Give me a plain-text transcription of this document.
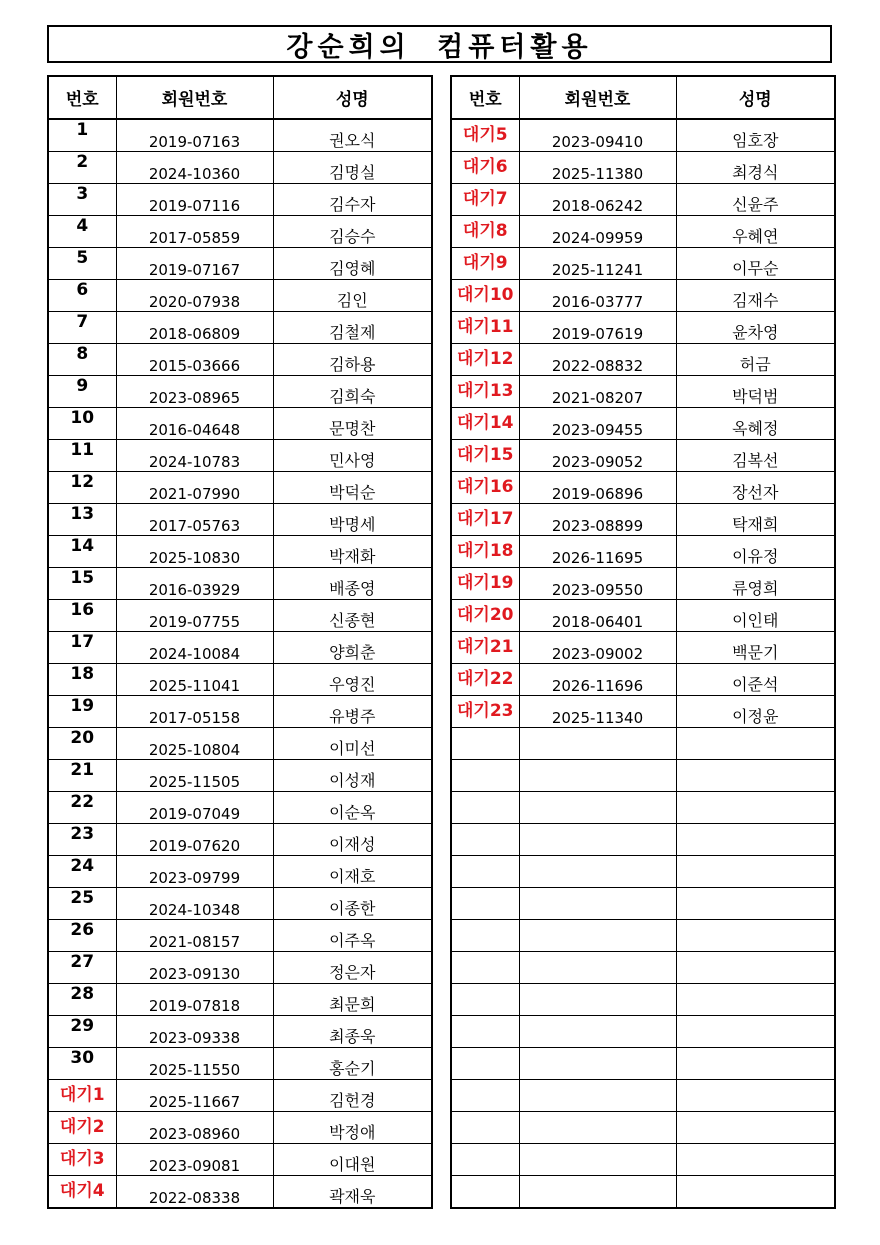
강순희의 컴퓨터활용
번호	회원번호	성명
1	2019-07163	권오식
2	2024-10360	김명실
3	2019-07116	김수자
4	2017-05859	김승수
5	2019-07167	김영혜
6	2020-07938	김인
7	2018-06809	김철제
8	2015-03666	김하용
9	2023-08965	김희숙
10	2016-04648	문명찬
11	2024-10783	민사영
12	2021-07990	박덕순
13	2017-05763	박명세
14	2025-10830	박재화
15	2016-03929	배종영
16	2019-07755	신종현
17	2024-10084	양희춘
18	2025-11041	우영진
19	2017-05158	유병주
20	2025-10804	이미선
21	2025-11505	이성재
22	2019-07049	이순옥
23	2019-07620	이재성
24	2023-09799	이재호
25	2024-10348	이종한
26	2021-08157	이주옥
27	2023-09130	정은자
28	2019-07818	최문희
29	2023-09338	최종욱
30	2025-11550	홍순기
대기1	2025-11667	김헌경
대기2	2023-08960	박정애
대기3	2023-09081	이대원
대기4	2022-08338	곽재욱
번호	회원번호	성명
대기5	2023-09410	임호장
대기6	2025-11380	최경식
대기7	2018-06242	신윤주
대기8	2024-09959	우혜연
대기9	2025-11241	이무순
대기10	2016-03777	김재수
대기11	2019-07619	윤차영
대기12	2022-08832	허금
대기13	2021-08207	박덕범
대기14	2023-09455	옥혜정
대기15	2023-09052	김복선
대기16	2019-06896	장선자
대기17	2023-08899	탁재희
대기18	2026-11695	이유정
대기19	2023-09550	류영희
대기20	2018-06401	이인태
대기21	2023-09002	백문기
대기22	2026-11696	이준석
대기23	2025-11340	이정윤
